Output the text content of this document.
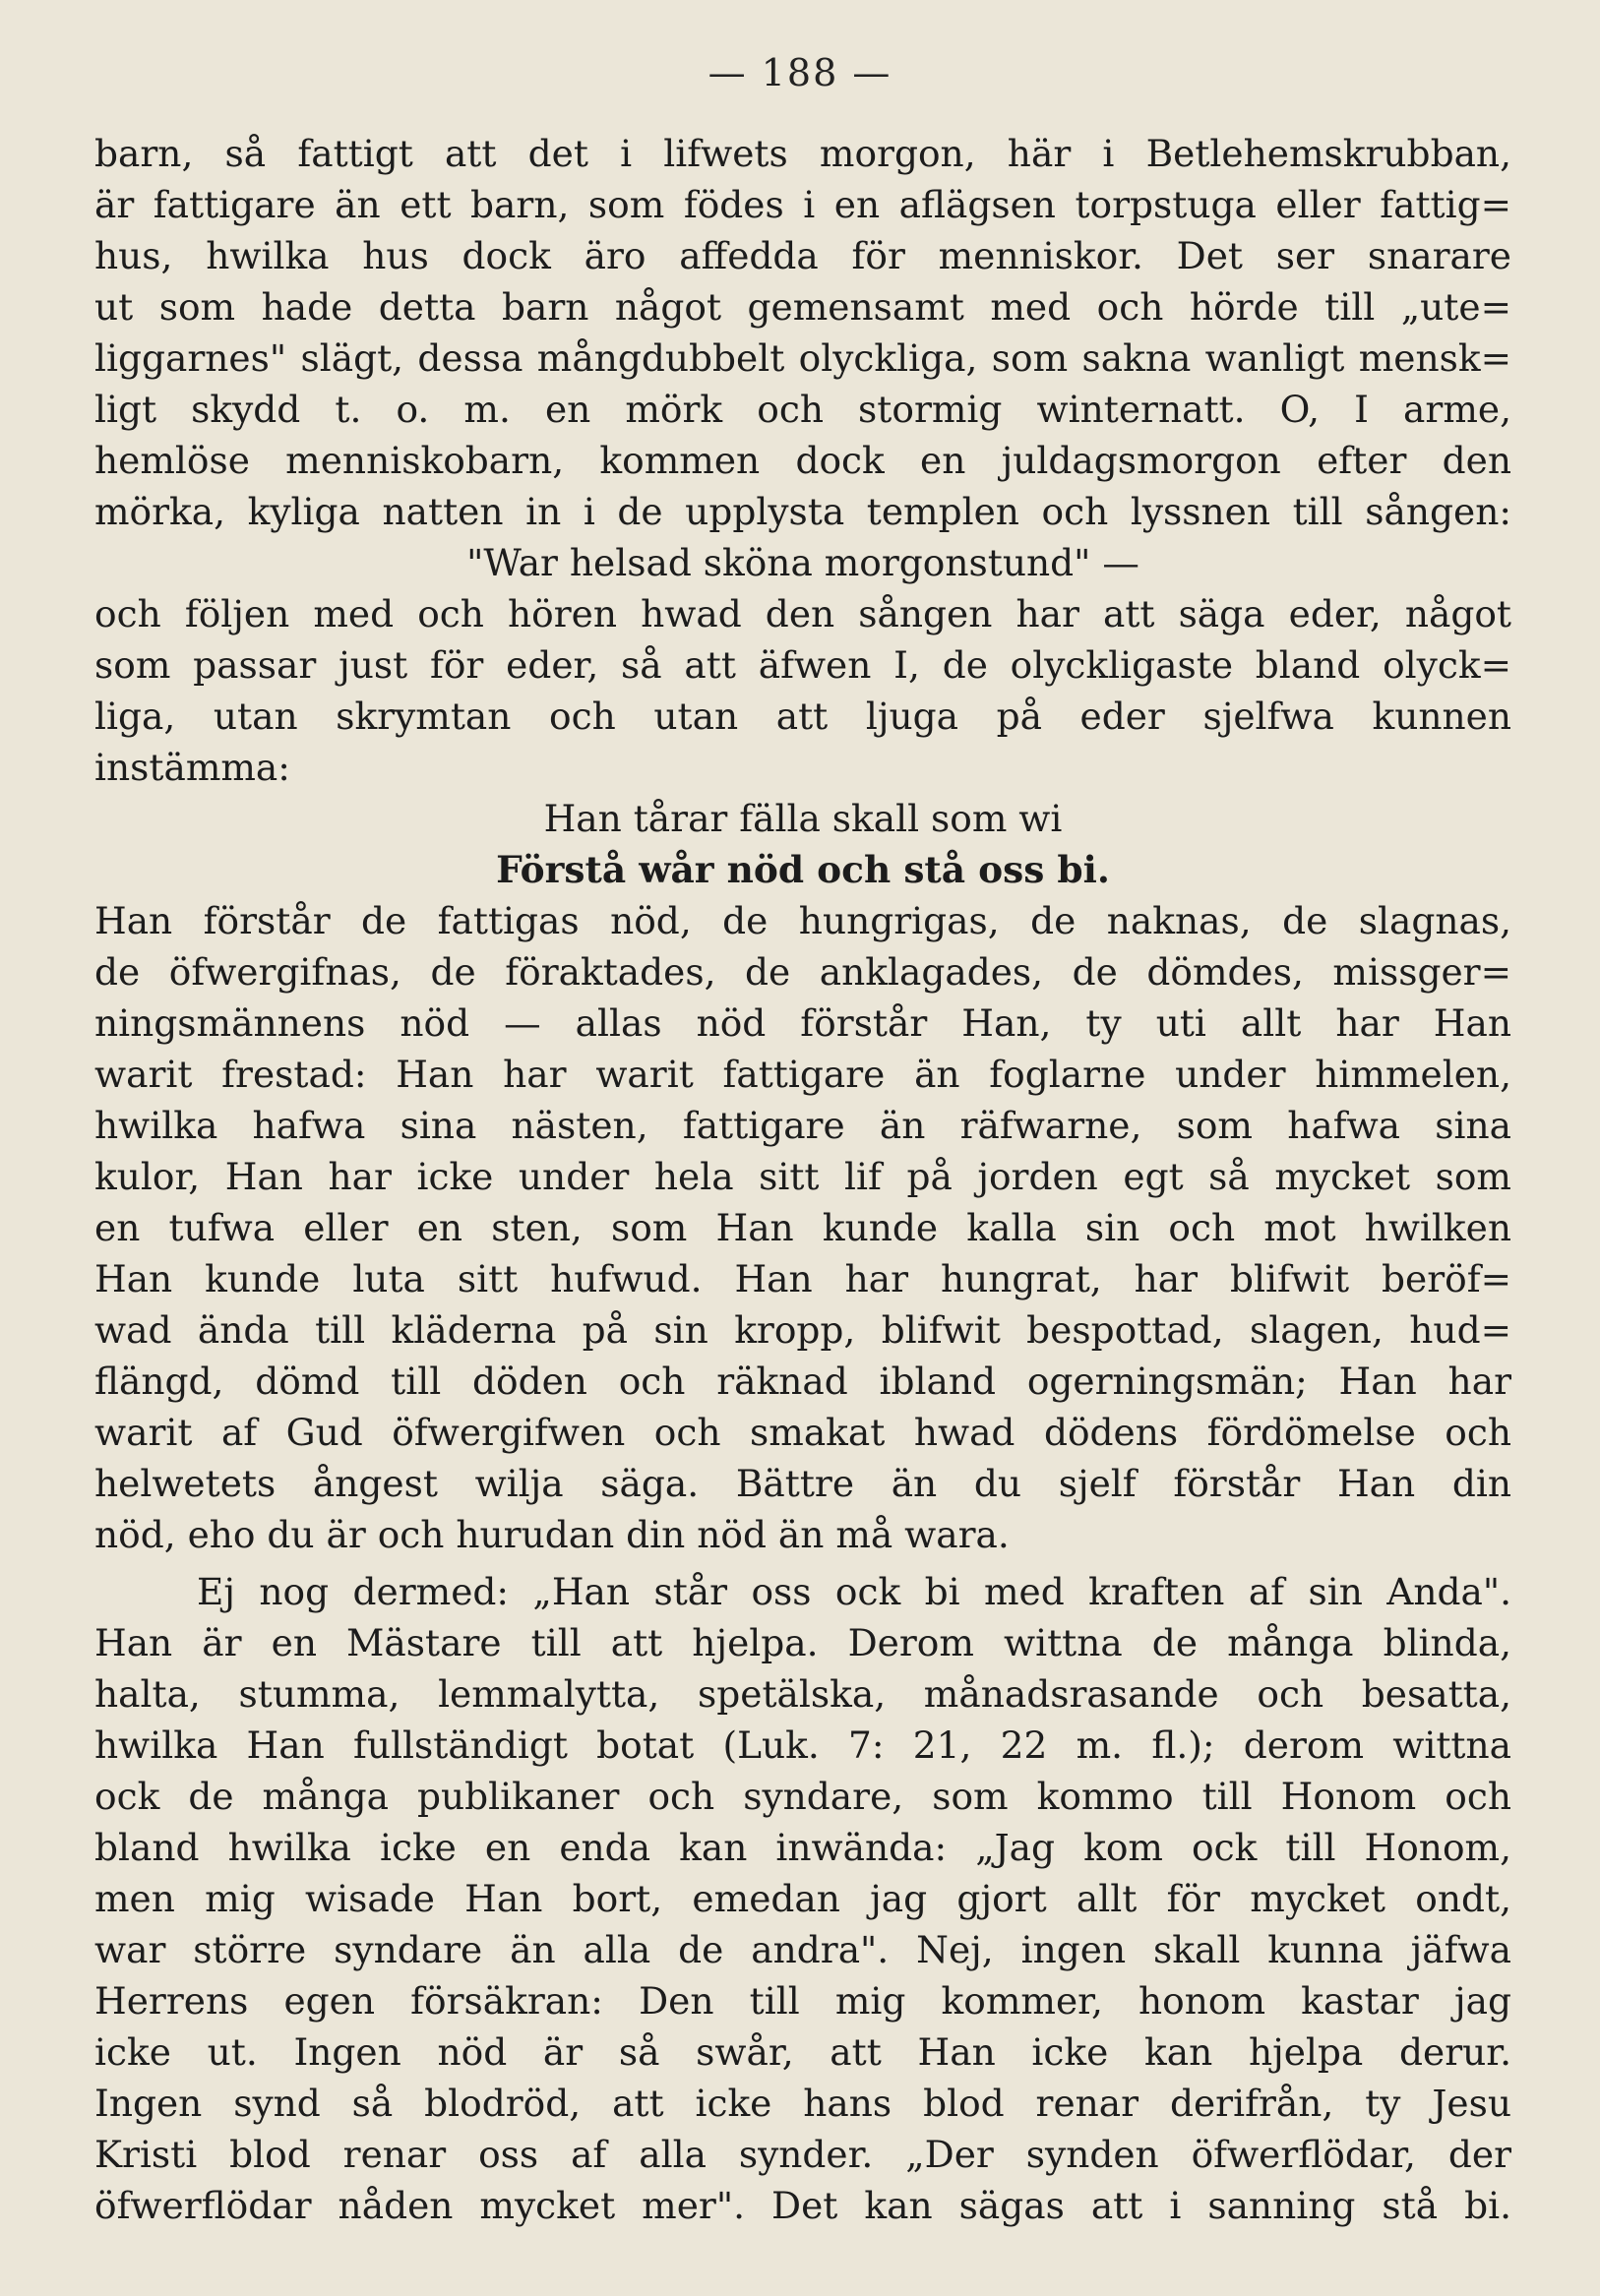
— 188 —
barn, så fattigt att det i lifwets morgon, här i Betlehemskrubban,
är fattigare än ett barn, som födes i en aflägsen torpstuga eller fattig=
hus, hwilka hus dock äro affedda för menniskor. Det ser snarare
ut som hade detta barn något gemensamt med och hörde till „ute=
liggarnes" slägt, dessa mångdubbelt olyckliga, som sakna wanligt mensk=
ligt skydd t. o. m. en mörk och stormig winternatt. O, I arme,
hemlöse menniskobarn, kommen dock en juldagsmorgon efter den
mörka, kyliga natten in i de upplysta templen och lyssnen till sången:
"War helsad sköna morgonstund" —
och följen med och hören hwad den sången har att säga eder, något
som passar just för eder, så att äfwen I, de olyckligaste bland olyck=
liga, utan skrymtan och utan att ljuga på eder sjelfwa kunnen
instämma:
Han tårar fälla skall som wi
Förstå wår nöd och stå oss bi.
Han förstår de fattigas nöd, de hungrigas, de naknas, de slagnas,
de öfwergifnas, de föraktades, de anklagades, de dömdes, missger=
ningsmännens nöd — allas nöd förstår Han, ty uti allt har Han
warit frestad: Han har warit fattigare än foglarne under himmelen,
hwilka hafwa sina nästen, fattigare än räfwarne, som hafwa sina
kulor, Han har icke under hela sitt lif på jorden egt så mycket som
en tufwa eller en sten, som Han kunde kalla sin och mot hwilken
Han kunde luta sitt hufwud. Han har hungrat, har blifwit beröf=
wad ända till kläderna på sin kropp, blifwit bespottad, slagen, hud=
flängd, dömd till döden och räknad ibland ogerningsmän; Han har
warit af Gud öfwergifwen och smakat hwad dödens fördömelse och
helwetets ångest wilja säga. Bättre än du sjelf förstår Han din
nöd, eho du är och hurudan din nöd än må wara.
Ej nog dermed: „Han står oss ock bi med kraften af sin Anda".
Han är en Mästare till att hjelpa. Derom wittna de många blinda,
halta, stumma, lemmalytta, spetälska, månadsrasande och besatta,
hwilka Han fullständigt botat (Luk. 7: 21, 22 m. fl.); derom wittna
ock de många publikaner och syndare, som kommo till Honom och
bland hwilka icke en enda kan inwända: „Jag kom ock till Honom,
men mig wisade Han bort, emedan jag gjort allt för mycket ondt,
war större syndare än alla de andra". Nej, ingen skall kunna jäfwa
Herrens egen försäkran: Den till mig kommer, honom kastar jag
icke ut. Ingen nöd är så swår, att Han icke kan hjelpa derur.
Ingen synd så blodröd, att icke hans blod renar derifrån, ty Jesu
Kristi blod renar oss af alla synder. „Der synden öfwerflödar, der
öfwerflödar nåden mycket mer". Det kan sägas att i sanning stå bi.
